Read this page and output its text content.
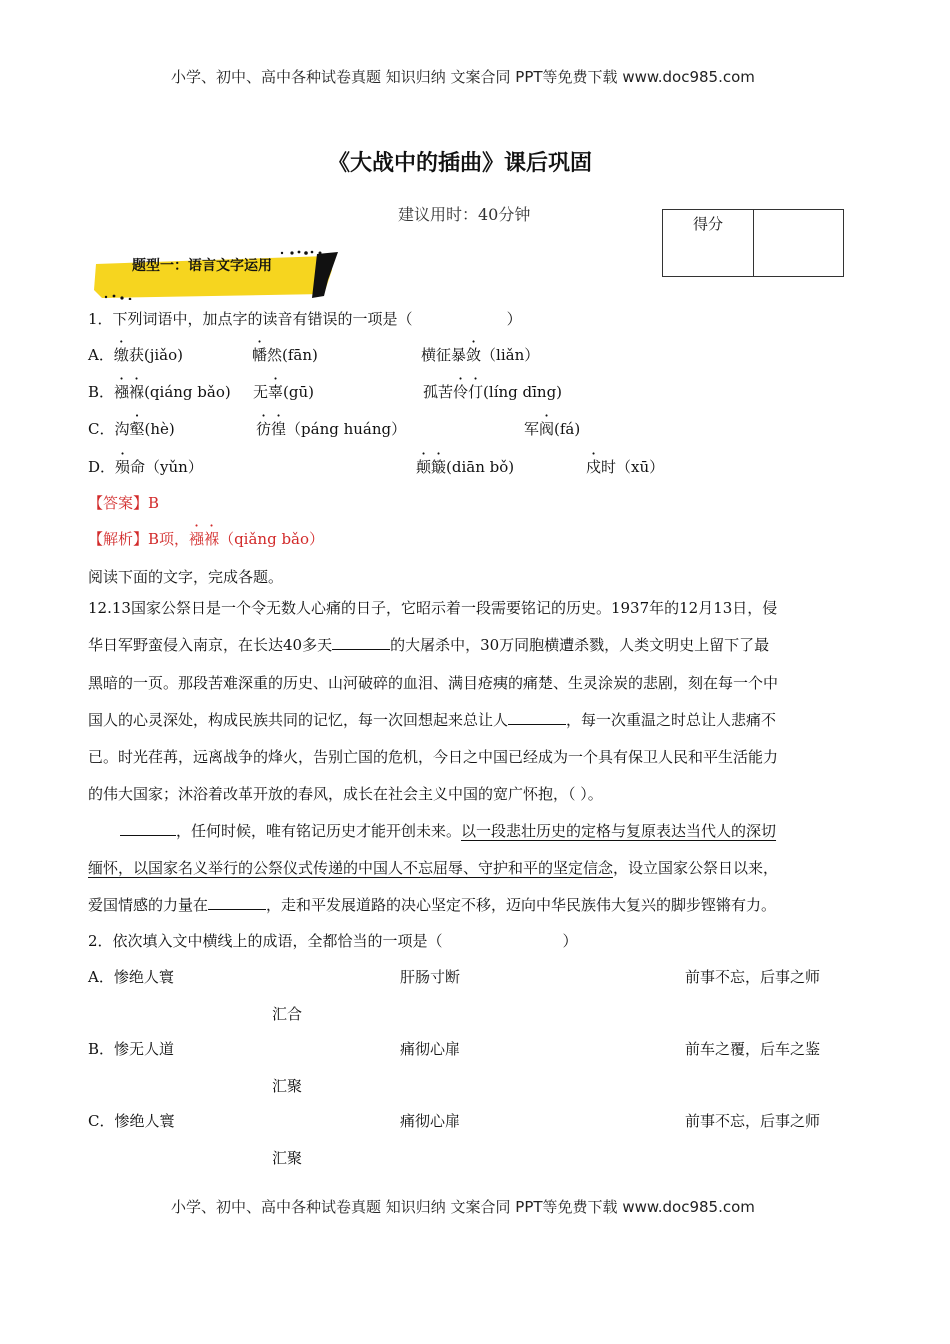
小学、初中、高中各种试卷真题 知识归纳 文案合同 PPT等免费下载 www.doc985.com
小学、初中、高中各种试卷真题 知识归纳 文案合同 PPT等免费下载 www.doc985.com
《大战中的插曲》课后巩固
建议用时：40分钟	得分
题型一：语言文字运用
1．下列词语中，加点字的读音有错误的一项是（	）
A．缴获(jiǎo)	幡然(fān)	横征暴敛（liǎn）
B．襁褓(qiáng bǎo) 无辜(gū)	孤苦伶仃(líng dīng)
C．沟壑(hè)	彷徨（páng huáng）	军阀(fá)
D．殒命（yǔn）	颠簸(diān bǒ)	戍时（xū）
【答案】B
【解析】B项，襁褓（qiǎng bǎo）
阅读下面的文字，完成各题。
12.13国家公祭日是一个令无数人心痛的日子，它昭示着一段需要铭记的历史。1937年的12月13日，侵
华日军野蛮侵入南京，在长达40多天	的大屠杀中，30万同胞横遭杀戮，人类文明史上留下了最
黑暗的一页。那段苦难深重的历史、山河破碎的血泪、满目疮痍的痛楚、生灵涂炭的悲剧，刻在每一个中
国人的心灵深处，构成民族共同的记忆，每一次回想起来总让人	，每一次重温之时总让人悲痛不
已。时光荏苒，远离战争的烽火，告别亡国的危机，今日之中国已经成为一个具有保卫人民和平生活能力
的伟大国家；沐浴着改革开放的春风，成长在社会主义中国的宽广怀抱，（ ）。
，任何时候，唯有铭记历史才能开创未来。以一段悲壮历史的定格与复原表达当代人的深切
缅怀，以国家名义举行的公祭仪式传递的中国人不忘屈辱、守护和平的坚定信念，设立国家公祭日以来，
爱国情感的力量在	，走和平发展道路的决心坚定不移，迈向中华民族伟大复兴的脚步铿锵有力。
2．依次填入文中横线上的成语，全都恰当的一项是（	）
A．惨绝人寰	肝肠寸断	前事不忘，后事之师
汇合
B．惨无人道	痛彻心扉	前车之覆，后车之鉴
汇聚
C．惨绝人寰	痛彻心扉	前事不忘，后事之师
汇聚
